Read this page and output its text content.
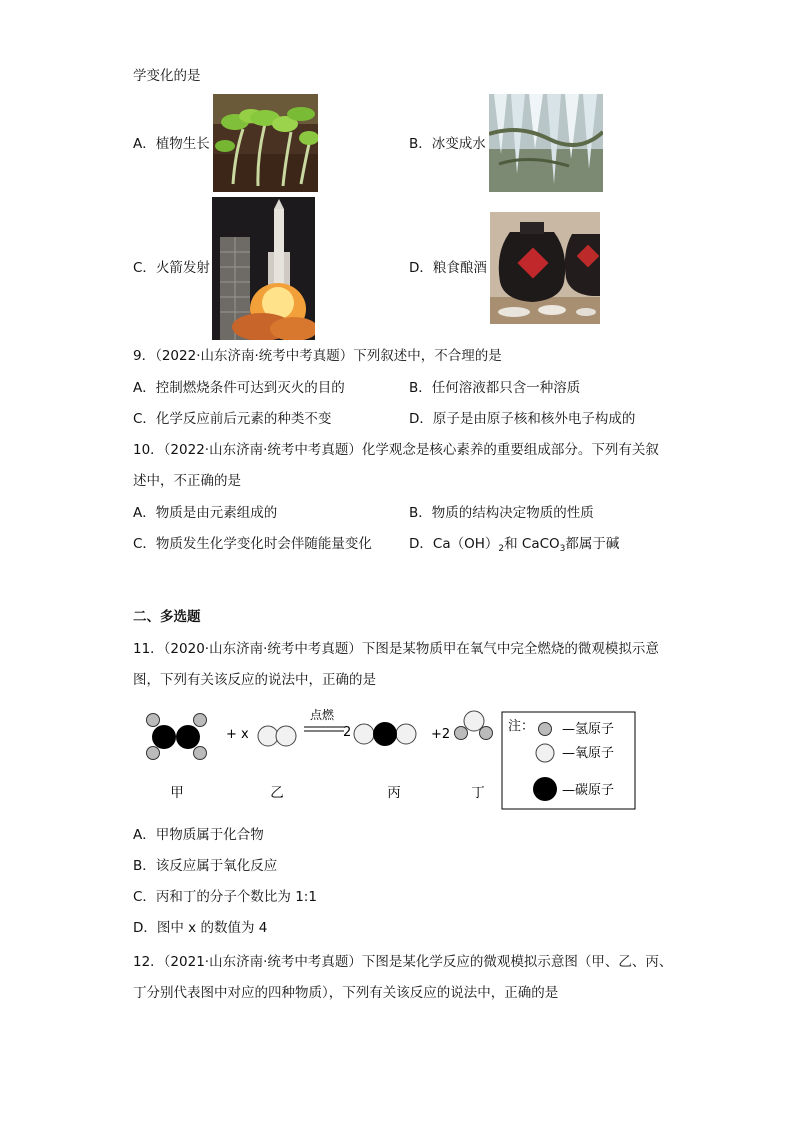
学变化的是
A．植物生长	B．冰变成水
C．火箭发射	D．粮食酿酒
9．（2022·山东济南·统考中考真题）下列叙述中，不合理的是
A．控制燃烧条件可达到灭火的目的	B．任何溶液都只含一种溶质
C．化学反应前后元素的种类不变	D．原子是由原子核和核外电子构成的
10．（2022·山东济南·统考中考真题）化学观念是核心素养的重要组成部分。下列有关叙
述中，不正确的是
A．物质是由元素组成的	B．物质的结构决定物质的性质
C．物质发生化学变化时会伴随能量变化	D．$Ca(OH)_2$和 CaCO$_3$都属于碱
二、多选题
11．（2020·山东济南·统考中考真题）下图是某物质甲在氧气中完全燃烧的微观模拟示意
图，下列有关该反应的说法中，正确的是
+ x
点燃
2	+2
甲	乙	丙	丁
注： —氢原子
—氧原子
—碳原子
A．甲物质属于化合物
B．该反应属于氧化反应
C．丙和丁的分子个数比为 1:1
D．图中 x 的数值为 4
12．（2021·山东济南·统考中考真题）下图是某化学反应的微观模拟示意图（甲、乙、丙、
丁分别代表图中对应的四种物质），下列有关该反应的说法中，正确的是
